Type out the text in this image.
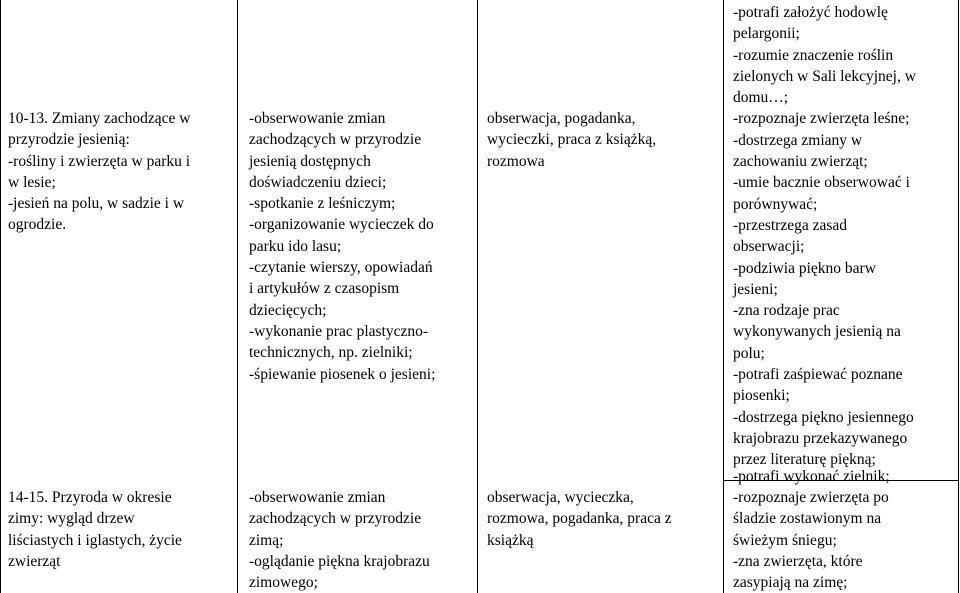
10-13. Zmiany zachodzące w
przyrodzie jesienią:
-rośliny i zwierzęta w parku i
w lesie;
-jesień na polu, w sadzie i w
ogrodzie.
-obserwowanie zmian
zachodzących w przyrodzie
jesienią dostępnych
doświadczeniu dzieci;
-spotkanie z leśniczym;
-organizowanie wycieczek do
parku ido lasu;
-czytanie wierszy, opowiadań
i artykułów z czasopism
dziecięcych;
-wykonanie prac plastyczno-
technicznych, np. zielniki;
-śpiewanie piosenek o jesieni;
obserwacja, pogadanka,
wycieczki, praca z książką,
rozmowa
-potrafi założyć hodowlę
pelargonii;
-rozumie znaczenie roślin
zielonych w Sali lekcyjnej, w
domu…;
-rozpoznaje zwierzęta leśne;
-dostrzega zmiany w
zachowaniu zwierząt;
-umie bacznie obserwować i
porównywać;
-przestrzega zasad
obserwacji;
-podziwia piękno barw
jesieni;
-zna rodzaje prac
wykonywanych jesienią na
polu;
-potrafi zaśpiewać poznane
piosenki;
-dostrzega piękno jesiennego
krajobrazu przekazywanego
przez literaturę piękną;
-potrafi wykonać zielnik;
14-15. Przyroda w okresie
zimy: wygląd drzew
liściastych i iglastych, życie
zwierząt
-obserwowanie zmian
zachodzących w przyrodzie
zimą;
-oglądanie piękna krajobrazu
zimowego;
obserwacja, wycieczka,
rozmowa, pogadanka, praca z
książką
-rozpoznaje zwierzęta po
śladzie zostawionym na
świeżym śniegu;
-zna zwierzęta, które
zasypiają na zimę;
